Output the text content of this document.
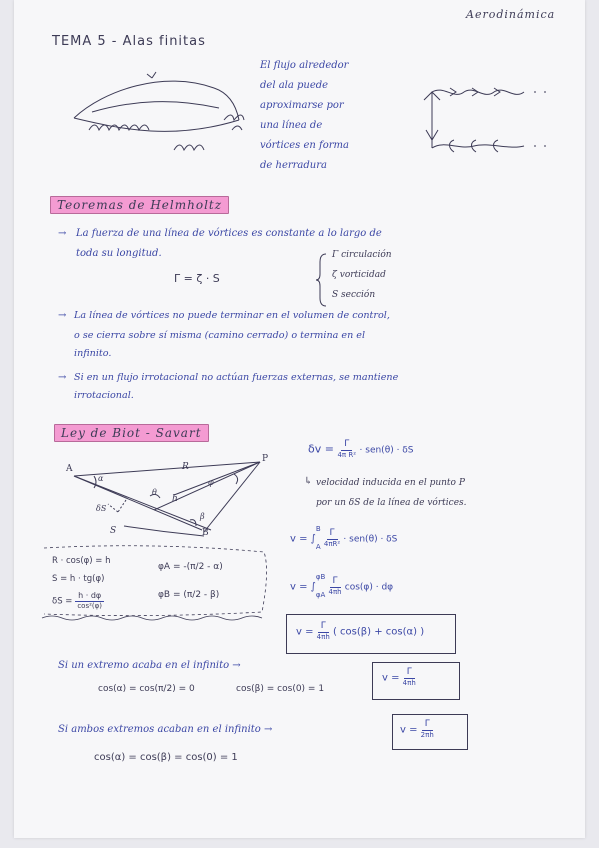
Aerodinámica
TEMA 5 - Alas finitas
El flujo alrededor
del ala puede
aproximarse por
una línea de
vórtices en forma
de herradura
Teoremas de Helmholtz
→ La fuerza de una línea de vórtices es constante a lo largo de
toda su longitud.
Γ = ζ · S
Γ circulación
ζ vorticidad
S sección
→ La línea de vórtices no puede terminar en el volumen de control,
o se cierra sobre sí misma (camino cerrado) o termina en el
infinito.
→ Si en un flujo irrotacional no actúan fuerzas externas, se mantiene
irrotacional.
Ley de Biot - Savart
A
P
B
R
h
S
δS
α
β
θ
φ
$\delta v = \frac{\Gamma}{\text{4π R²}} \cdot sen(\theta) \cdot \delta S$
↳ velocidad inducida en el punto P
por un δS de la línea de vórtices.
R · cos(φ) = h
S = h · tg(φ)
$\delta S = \frac{h \cdot d\varphi}{\text{cos²(φ)}}$
φA = -(π/2 - α)
φB = (π/2 - β)
v = ∫
B
A
$\frac{\Gamma}{\text{4πR²}} \cdot sen(\theta) \cdot \delta S$
v = ∫
φB
φA
$\frac{\Gamma}{4\pi h} \cos(\varphi) \cdot d\varphi$
$v = \frac{\Gamma}{4\pi h}$ ( cos(β) + cos(α) )
Si un extremo acaba en el infinito →
cos(α) = cos(π/2) = 0	cos(β) = cos(0) = 1
$v = \frac{\Gamma}{4\pi h}$
Si ambos extremos acaban en el infinito →	$v = \frac{\Gamma}{2\pi h}$
cos(α) = cos(β) = cos(0) = 1
